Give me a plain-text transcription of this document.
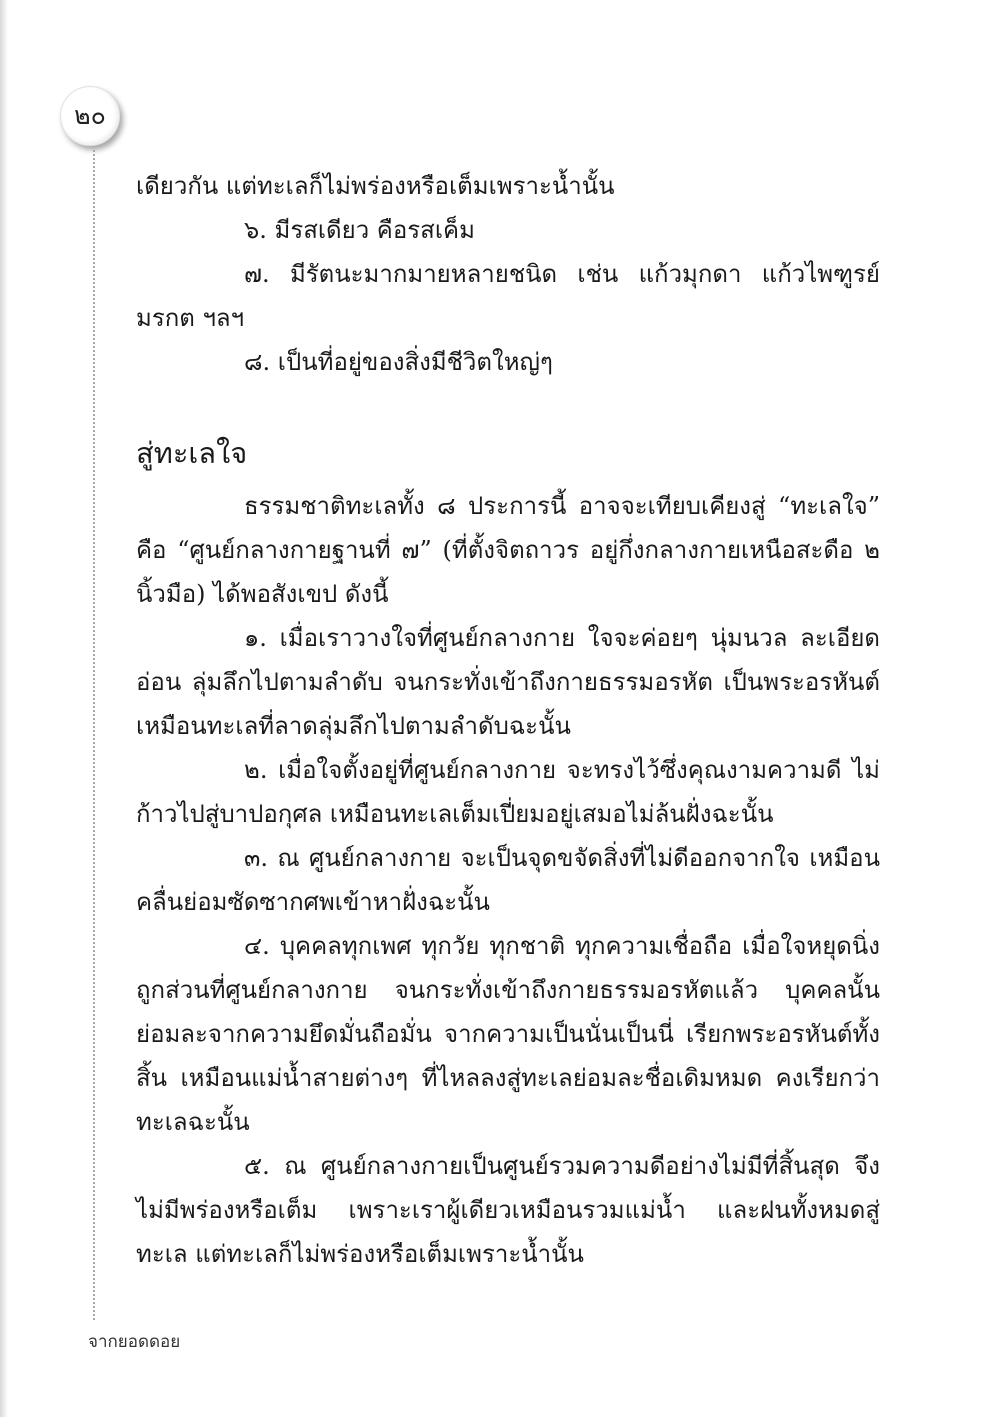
๒๐

เดียวกัน แต่ทะเลก็ไม่พร่องหรือเต็มเพราะน้ำนั้น

๖. มีรสเดียว คือรสเค็ม

๗. มีรัตนะมากมายหลายชนิด เช่น แก้วมุกดา แก้วไพฑูรย์ มรกต ฯลฯ

๘. เป็นที่อยู่ของสิ่งมีชีวิตใหญ่ๆ

สู่ทะเลใจ

ธรรมชาติทะเลทั้ง ๘ ประการนี้ อาจจะเทียบเคียงสู่ “ทะเลใจ” คือ “ศูนย์กลางกายฐานที่ ๗” (ที่ตั้งจิตถาวร อยู่กึ่งกลางกายเหนือสะดือ ๒ นิ้วมือ) ได้พอสังเขป ดังนี้

๑. เมื่อเราวางใจที่ศูนย์กลางกาย ใจจะค่อยๆ นุ่มนวล ละเอียดอ่อน ลุ่มลึกไปตามลำดับ จนกระทั่งเข้าถึงกายธรรมอรหัต เป็นพระอรหันต์ เหมือนทะเลที่ลาดลุ่มลึกไปตามลำดับฉะนั้น

๒. เมื่อใจตั้งอยู่ที่ศูนย์กลางกาย จะทรงไว้ซึ่งคุณงามความดี ไม่ก้าวไปสู่บาปอกุศล เหมือนทะเลเต็มเปี่ยมอยู่เสมอไม่ล้นฝั่งฉะนั้น

๓. ณ ศูนย์กลางกาย จะเป็นจุดขจัดสิ่งที่ไม่ดีออกจากใจ เหมือนคลื่นย่อมซัดซากศพเข้าหาฝั่งฉะนั้น

๔. บุคคลทุกเพศ ทุกวัย ทุกชาติ ทุกความเชื่อถือ เมื่อใจหยุดนิ่งถูกส่วนที่ศูนย์กลางกาย จนกระทั่งเข้าถึงกายธรรมอรหัตแล้ว บุคคลนั้นย่อมละจากความยึดมั่นถือมั่น จากความเป็นนั่นเป็นนี่ เรียกพระอรหันต์ทั้งสิ้น เหมือนแม่น้ำสายต่างๆ ที่ไหลลงสู่ทะเลย่อมละชื่อเดิมหมด คงเรียกว่าทะเลฉะนั้น

๕. ณ ศูนย์กลางกายเป็นศูนย์รวมความดีอย่างไม่มีที่สิ้นสุด จึงไม่มีพร่องหรือเต็ม เพราะเราผู้เดียวเหมือนรวมแม่น้ำ และฝนทั้งหมดสู่ทะเล แต่ทะเลก็ไม่พร่องหรือเต็มเพราะน้ำนั้น

จากยอดดอย
